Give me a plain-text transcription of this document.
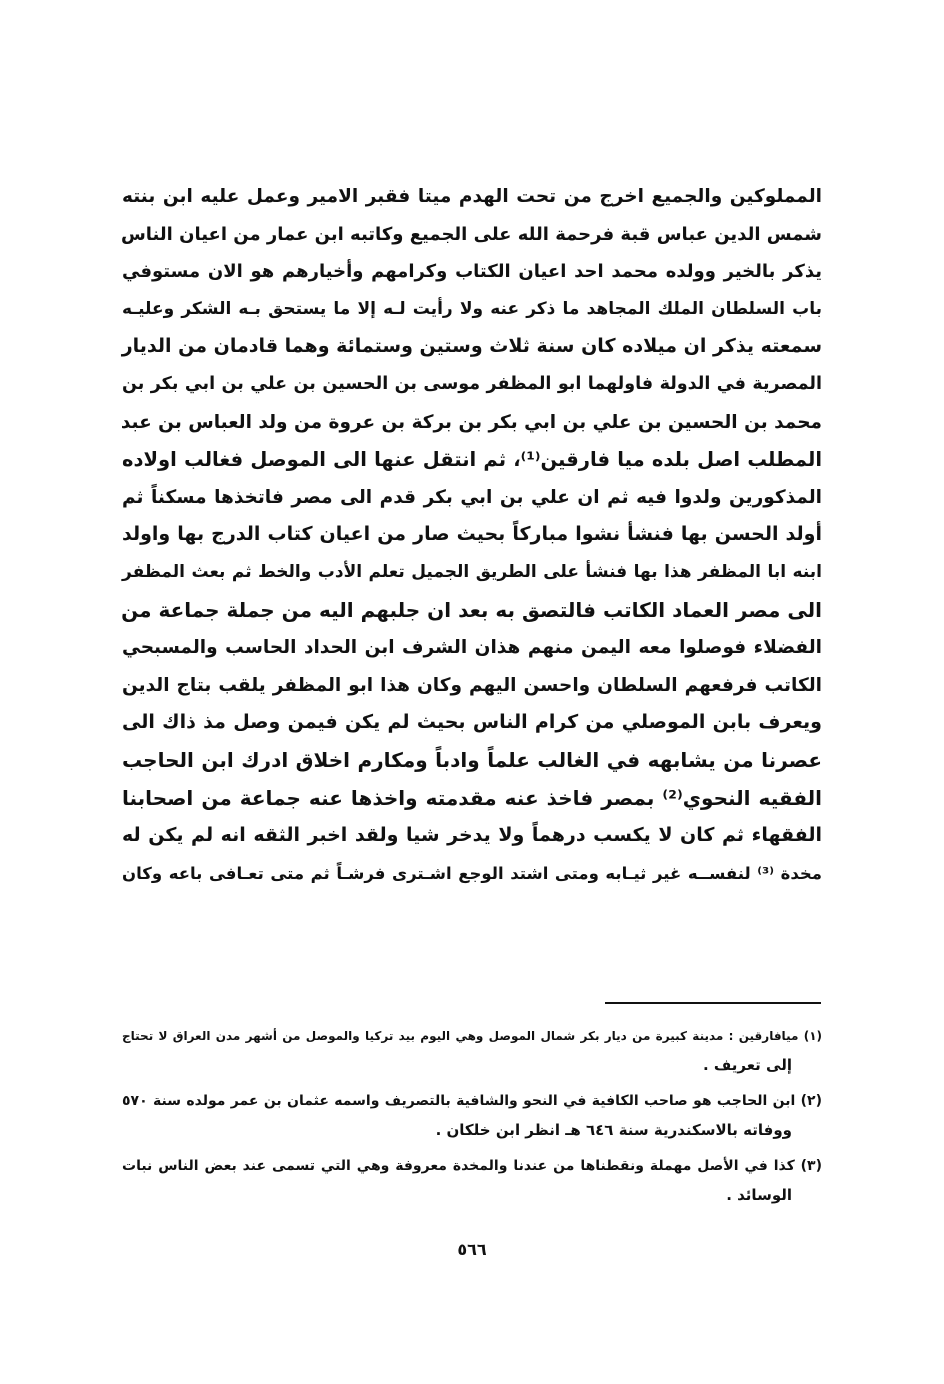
المملوكين والجميع اخرج من تحت الهدم ميتا فقبر الامير وعمل عليه ابن بنته
شمس الدين عباس قبة فرحمة الله على الجميع وكاتبه ابن عمار من اعيان الناس
يذكر بالخير وولده محمد احد اعيان الكتاب وكرامهم وأخيارهم هو الان مستوفي
باب السلطان الملك المجاهد ما ذكر عنه ولا رأيت لـه إلا ما يستحق بـه الشكر وعليـه
سمعته يذكر ان ميلاده كان سنة ثلاث وستين وستمائة وهما قادمان من الديار
المصرية في الدولة فاولهما ابو المظفر موسى بن الحسين بن علي بن ابي بكر بن
محمد بن الحسين بن علي بن ابي بكر بن بركة بن عروة من ولد العباس بن عبد
المطلب اصل بلده ميا فارقين⁽¹⁾، ثم انتقل عنها الى الموصل فغالب اولاده
المذكورين ولدوا فيه ثم ان علي بن ابي بكر قدم الى مصر فاتخذها مسكناً ثم
أولد الحسن بها فنشأ نشوا مباركاً بحيث صار من اعيان كتاب الدرج بها واولد
ابنه ابا المظفر هذا بها فنشأ على الطريق الجميل تعلم الأدب والخط ثم بعث المظفر
الى مصر العماد الكاتب فالتصق به بعد ان جلبهم اليه من جملة جماعة من
الفضلاء فوصلوا معه اليمن منهم هذان الشرف ابن الحداد الحاسب والمسبحي
الكاتب فرفعهم السلطان واحسن اليهم وكان هذا ابو المظفر يلقب بتاج الدين
ويعرف بابن الموصلي من كرام الناس بحيث لم يكن فيمن وصل مذ ذاك الى
عصرنا من يشابهه في الغالب علماً وادباً ومكارم اخلاق ادرك ابن الحاجب
الفقيه النحوي⁽²⁾ بمصر فاخذ عنه مقدمته واخذها عنه جماعة من اصحابنا
الفقهاء ثم كان لا يكسب درهماً ولا يدخر شيا ولقد اخبر الثقه انه لم يكن له
مخدة ⁽³⁾ لنفســه غير ثيـابه ومتى اشتد الوجع اشـترى فرشـاً ثم متى تعـافى باعه وكان
(١) ميافارقين : مدينة كبيرة من ديار بكر شمال الموصل وهي اليوم بيد تركيا والموصل من أشهر مدن العراق لا تحتاج
إلى تعريف .
(٢) ابن الحاجب هو صاحب الكافية في النحو والشافية بالتصريف واسمه عثمان بن عمر مولده سنة ٥٧٠
ووفاته بالاسكندرية سنة ٦٤٦ هـ انظر ابن خلكان .
(٣) كذا في الأصل مهملة ونقطناها من عندنا والمخدة معروفة وهي التي تسمى عند بعض الناس نبات
الوسائد .
٥٦٦
